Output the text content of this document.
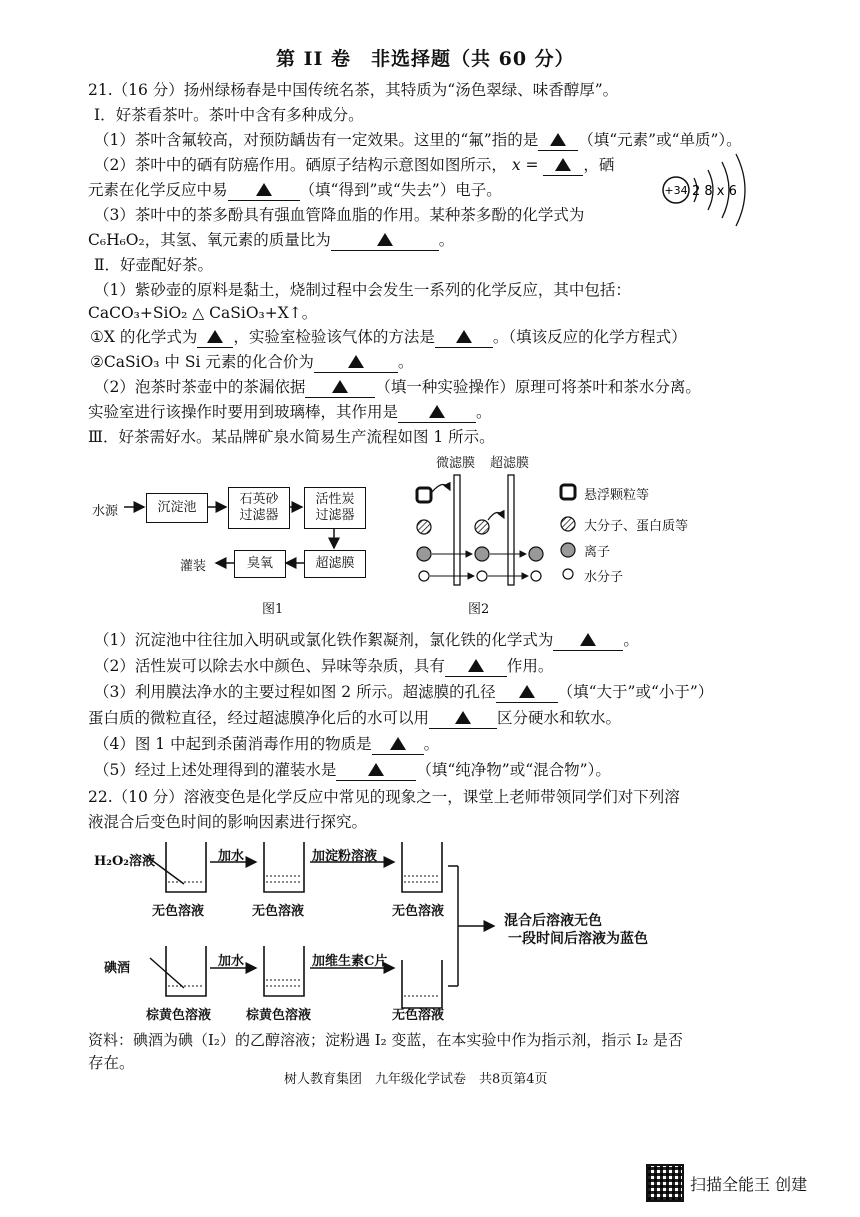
第 II 卷　非选择题（共 60 分）
21.（16 分）扬州绿杨春是中国传统名茶，其特质为“汤色翠绿、味香醇厚”。
Ⅰ．好茶看茶叶。茶叶中含有多种成分。
（1）茶叶含氟较高，对预防龋齿有一定效果。这里的“氟”指的是	（填“元素”或“单质”）。
（2）茶叶中的硒有防癌作用。硒原子结构示意图如图所示， x =	，硒
元素在化学反应中易	（填“得到”或“失去”）电子。	+34 2 8 x 6
（3）茶叶中的茶多酚具有强血管降血脂的作用。某种茶多酚的化学式为
C₆H₆O₂，其氢、氧元素的质量比为	。
Ⅱ．好壶配好茶。
（1）紫砂壶的原料是黏土，烧制过程中会发生一系列的化学反应，其中包括：
CaCO₃+SiO₂ △ CaSiO₃+X↑。
①X 的化学式为 ，实验室检验该气体的方法是	。（填该反应的化学方程式）
②CaSiO₃ 中 Si 元素的化合价为	。
（2）泡茶时茶壶中的茶漏依据	（填一种实验操作）原理可将茶叶和茶水分离。
实验室进行该操作时要用到玻璃棒，其作用是	。
Ⅲ．好茶需好水。某品牌矿泉水简易生产流程如图 1 所示。
水源	沉淀池
石英砂
过滤器
活性炭
过滤器
超滤膜
臭氧
灌装
图1
微滤膜 超滤膜
悬浮颗粒等
大分子、蛋白质等
离子
水分子
图2
（1）沉淀池中往往加入明矾或氯化铁作絮凝剂，氯化铁的化学式为	。
（2）活性炭可以除去水中颜色、异味等杂质，具有	作用。
（3）利用膜法净水的主要过程如图 2 所示。超滤膜的孔径	（填“大于”或“小于”）
蛋白质的微粒直径，经过超滤膜净化后的水可以用	区分硬水和软水。
（4）图 1 中起到杀菌消毒作用的物质是	。
（5）经过上述处理得到的灌装水是	（填“纯净物”或“混合物”）。
22.（10 分）溶液变色是化学反应中常见的现象之一，课堂上老师带领同学们对下列溶
液混合后变色时间的影响因素进行探究。
H₂O₂溶液	加水	加淀粉溶液
无色溶液	无色溶液	无色溶液
碘酒	加水	加维生素C片
棕黄色溶液	棕黄色溶液	无色溶液
混合后溶液无色
一段时间后溶液为蓝色
资料：碘酒为碘（I₂）的乙醇溶液；淀粉遇 I₂ 变蓝，在本实验中作为指示剂，指示 I₂ 是否
存在。
树人教育集团　九年级化学试卷　共8页第4页
扫描全能王 创建
